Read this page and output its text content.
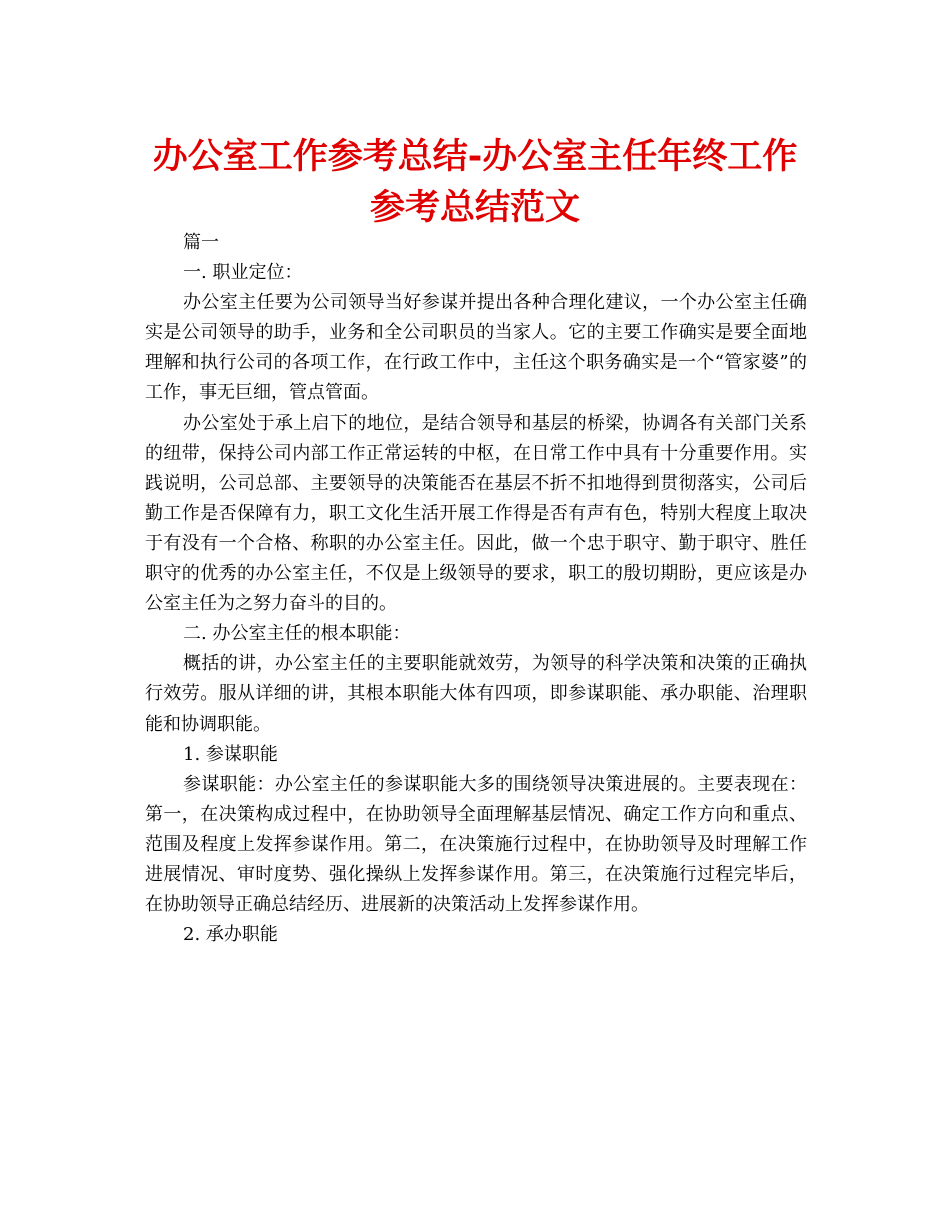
办公室工作参考总结-办公室主任年终工作参考总结范文

篇一

一. 职业定位：

办公室主任要为公司领导当好参谋并提出各种合理化建议，一个办公室主任确实是公司领导的助手，业务和全公司职员的当家人。它的主要工作确实是要全面地理解和执行公司的各项工作，在行政工作中，主任这个职务确实是一个“管家婆”的工作，事无巨细，管点管面。

办公室处于承上启下的地位，是结合领导和基层的桥梁，协调各有关部门关系的纽带，保持公司内部工作正常运转的中枢，在日常工作中具有十分重要作用。实践说明，公司总部、主要领导的决策能否在基层不折不扣地得到贯彻落实，公司后勤工作是否保障有力，职工文化生活开展工作得是否有声有色，特别大程度上取决于有没有一个合格、称职的办公室主任。因此，做一个忠于职守、勤于职守、胜任职守的优秀的办公室主任，不仅是上级领导的要求，职工的殷切期盼，更应该是办公室主任为之努力奋斗的目的。

二. 办公室主任的根本职能：

概括的讲，办公室主任的主要职能就效劳，为领导的科学决策和决策的正确执行效劳。服从详细的讲，其根本职能大体有四项，即参谋职能、承办职能、治理职能和协调职能。

1. 参谋职能

参谋职能：办公室主任的参谋职能大多的围绕领导决策进展的。主要表现在：第一，在决策构成过程中，在协助领导全面理解基层情况、确定工作方向和重点、范围及程度上发挥参谋作用。第二，在决策施行过程中，在协助领导及时理解工作进展情况、审时度势、强化操纵上发挥参谋作用。第三，在决策施行过程完毕后，在协助领导正确总结经历、进展新的决策活动上发挥参谋作用。

2. 承办职能
